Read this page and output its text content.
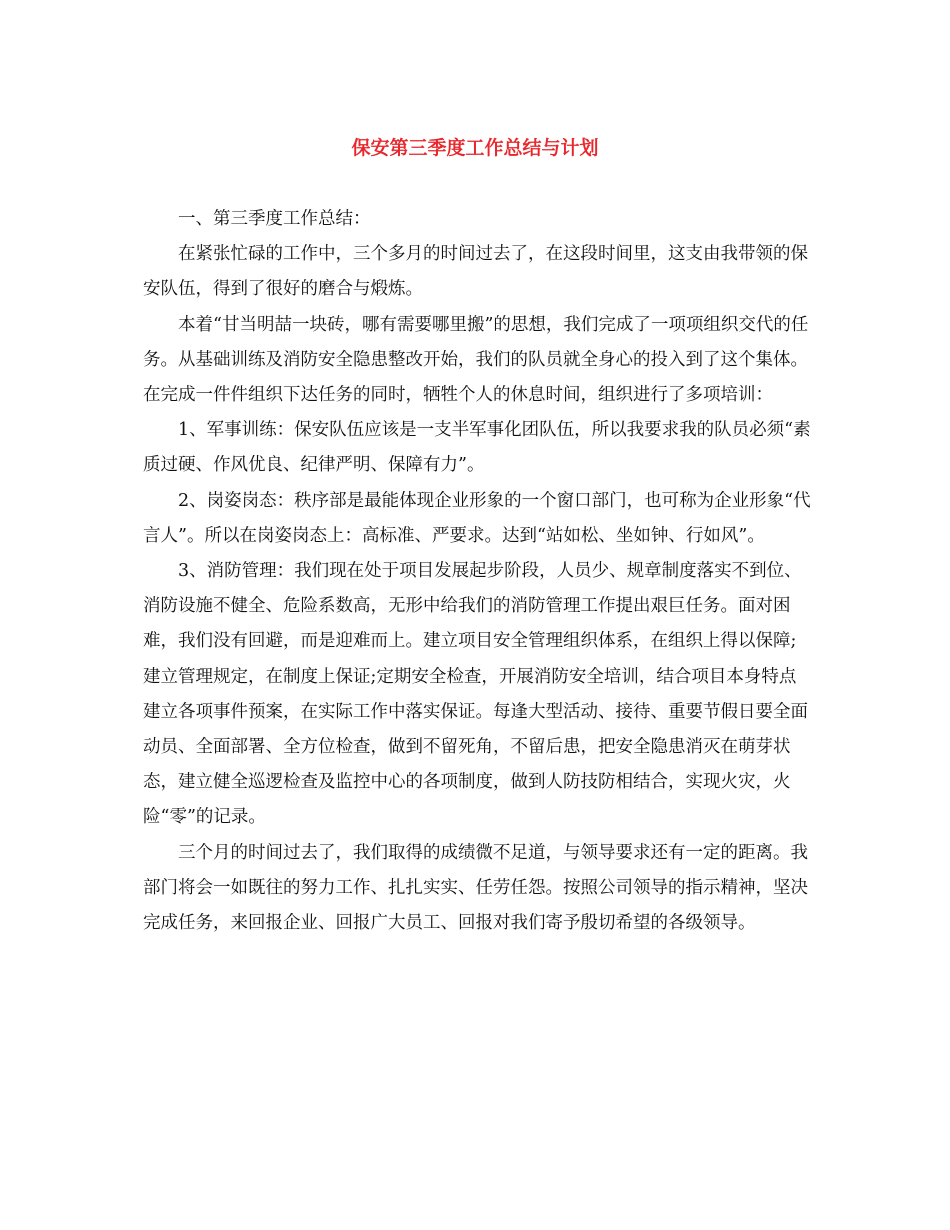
保安第三季度工作总结与计划

一、第三季度工作总结：

在紧张忙碌的工作中，三个多月的时间过去了，在这段时间里，这支由我带领的保安队伍，得到了很好的磨合与煅炼。

本着“甘当明喆一块砖，哪有需要哪里搬”的思想，我们完成了一项项组织交代的任务。从基础训练及消防安全隐患整改开始，我们的队员就全身心的投入到了这个集体。在完成一件件组织下达任务的同时，牺牲个人的休息时间，组织进行了多项培训：

1、军事训练：保安队伍应该是一支半军事化团队伍，所以我要求我的队员必须“素质过硬、作风优良、纪律严明、保障有力”。

2、岗姿岗态：秩序部是最能体现企业形象的一个窗口部门，也可称为企业形象“代言人”。所以在岗姿岗态上：高标准、严要求。达到“站如松、坐如钟、行如风”。

3、消防管理：我们现在处于项目发展起步阶段，人员少、规章制度落实不到位、消防设施不健全、危险系数高，无形中给我们的消防管理工作提出艰巨任务。面对困难，我们没有回避，而是迎难而上。建立项目安全管理组织体系，在组织上得以保障;建立管理规定，在制度上保证;定期安全检查，开展消防安全培训，结合项目本身特点建立各项事件预案，在实际工作中落实保证。每逢大型活动、接待、重要节假日要全面动员、全面部署、全方位检查，做到不留死角，不留后患，把安全隐患消灭在萌芽状态，建立健全巡逻检查及监控中心的各项制度，做到人防技防相结合，实现火灾，火险“零”的记录。

三个月的时间过去了，我们取得的成绩微不足道，与领导要求还有一定的距离。我部门将会一如既往的努力工作、扎扎实实、任劳任怨。按照公司领导的指示精神，坚决完成任务，来回报企业、回报广大员工、回报对我们寄予殷切希望的各级领导。
